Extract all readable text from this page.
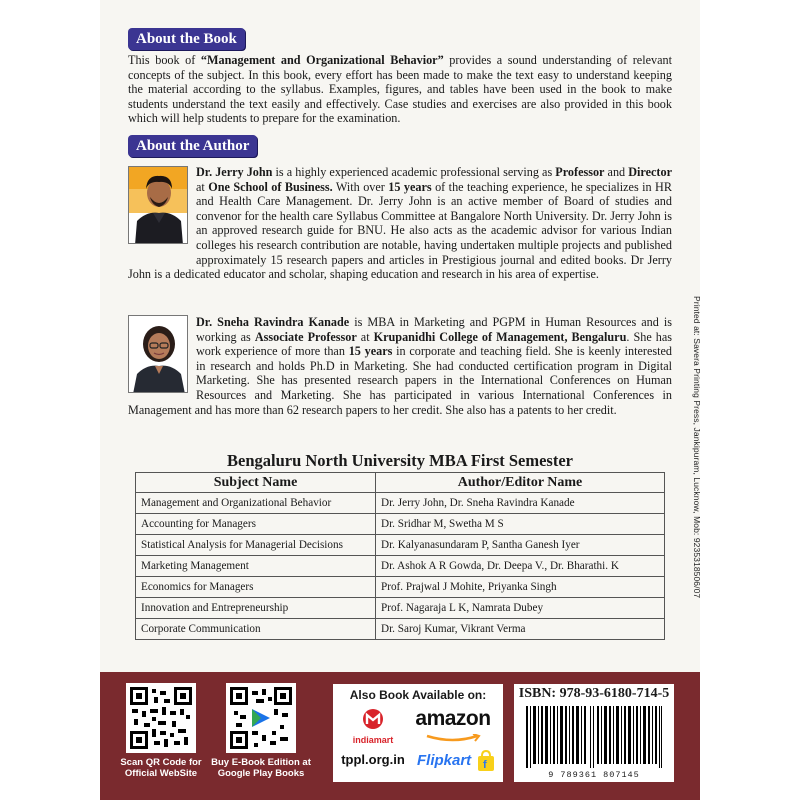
About the Book
This book of “Management and Organizational Behavior” provides a sound understanding of relevant concepts of the subject. In this book, every effort has been made to make the text easy to understand keeping the material according to the syllabus. Examples, figures, and tables have been used in the book to make students understand the text easily and effectively. Case studies and exercises are also provided in this book which will help students to prepare for the examination.
About the Author
Dr. Jerry John is a highly experienced academic professional serving as Professor and Director at One School of Business. With over 15 years of the teaching experience, he specializes in HR and Health Care Management. Dr. Jerry John is an active member of Board of studies and convenor for the health care Syllabus Committee at Bangalore North University. Dr. Jerry John is an approved research guide for BNU. He also acts as the academic advisor for various Indian colleges his research contribution are notable, having undertaken multiple projects and published approximately 15 research papers and articles in Prestigious journal and edited books. Dr Jerry John is a dedicated educator and scholar, shaping education and research in his area of expertise.
Dr. Sneha Ravindra Kanade is MBA in Marketing and PGPM in Human Resources and is working as Associate Professor at Krupanidhi College of Management, Bengaluru. She has work experience of more than 15 years in corporate and teaching field. She is keenly interested in research and holds Ph.D in Marketing. She had conducted certification program in Digital Marketing. She has presented research papers in the International Conferences on Human Resources and Marketing. She has participated in various International Conferences in Management and has more than 62 research papers to her credit. She also has a patents to her credit.	Printed at: Savera Printing Press, Jankipuram, Lucknow, Mob: 9235318506/07
Bengaluru North University MBA First Semester
Subject Name	Author/Editor Name
Management and Organizational Behavior	Dr. Jerry John, Dr. Sneha Ravindra Kanade
Accounting for Managers	Dr. Sridhar M, Swetha M S
Statistical Analysis for Managerial Decisions	Dr. Kalyanasundaram P, Santha Ganesh Iyer
Marketing Management	Dr. Ashok A R Gowda, Dr. Deepa V., Dr. Bharathi. K
Economics for Managers	Prof. Prajwal J Mohite, Priyanka Singh
Innovation and Entrepreneurship	Prof. Nagaraja L K, Namrata Dubey
Corporate Communication	Dr. Saroj Kumar, Vikrant Verma
Scan QR Code for Official WebSite
Buy E-Book Edition at Google Play Books
Also Book Available on:
indiamart
amazon
tppl.org.in Flipkart f
ISBN: 978-93-6180-714-5
9 789361 807145
